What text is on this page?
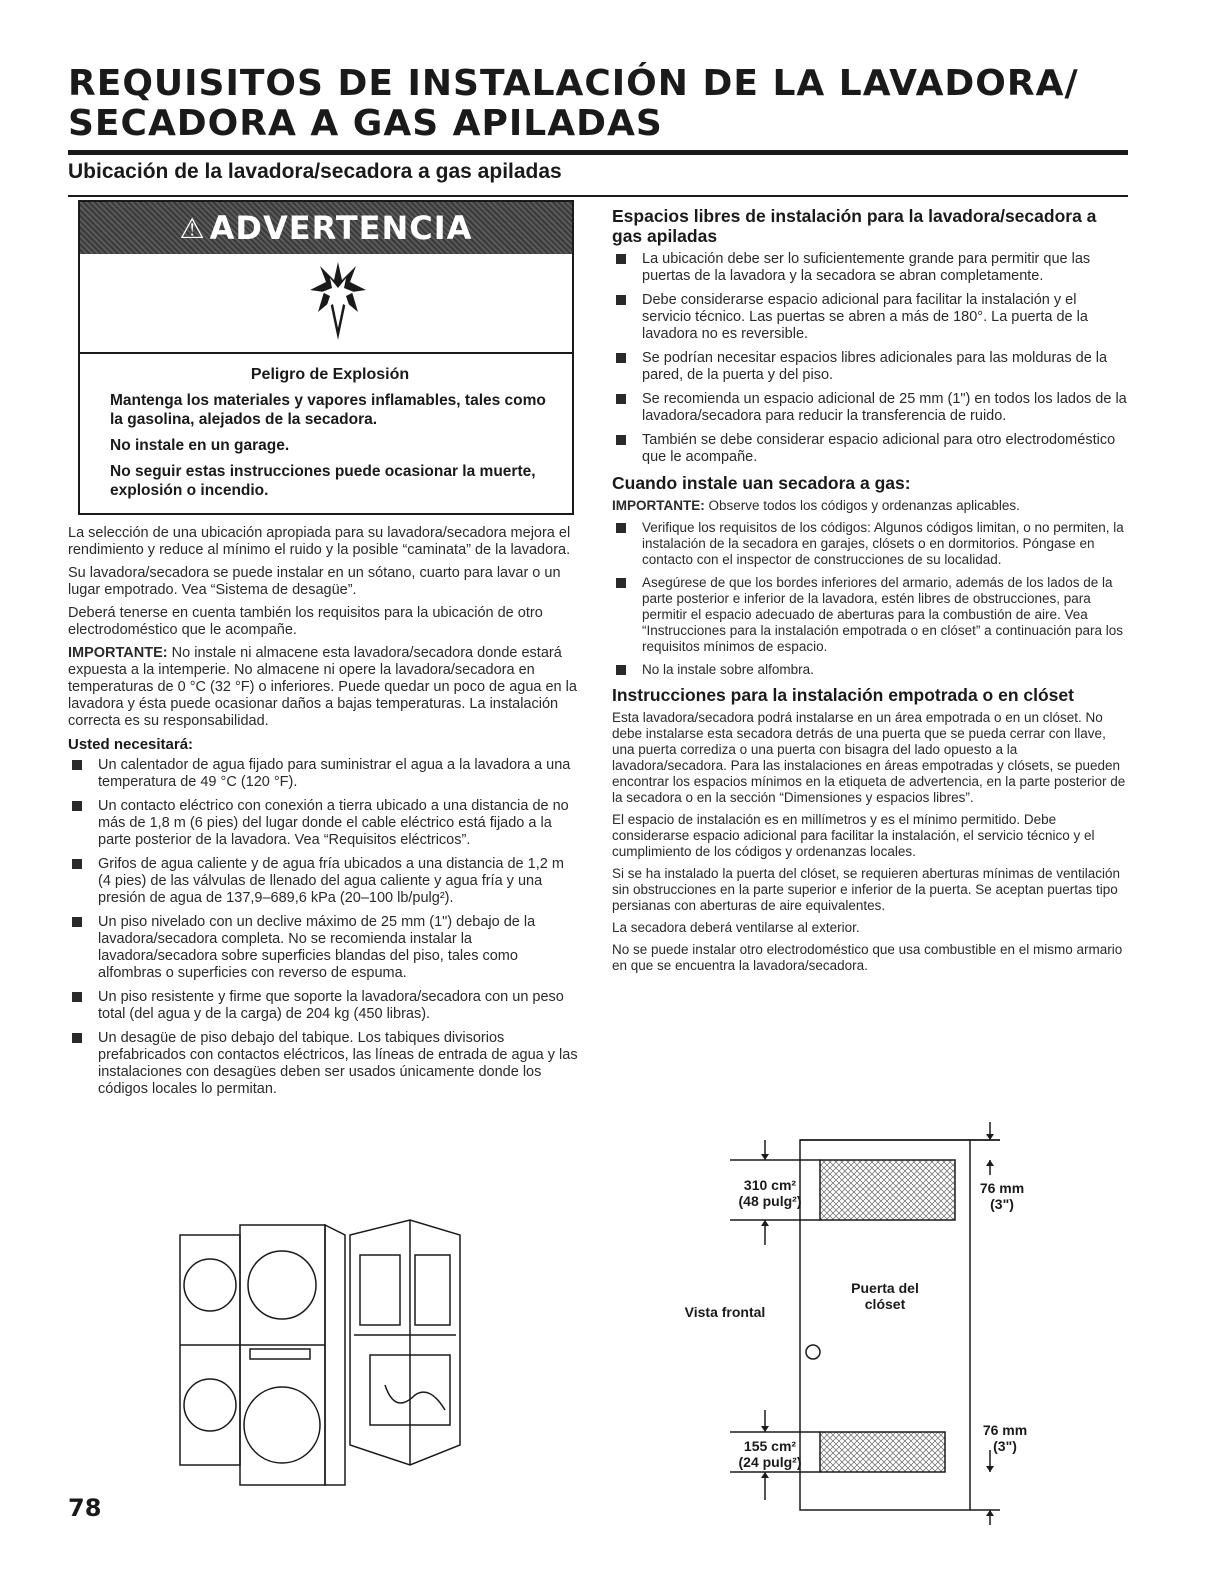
REQUISITOS DE INSTALACIÓN DE LA LAVADORA/
SECADORA A GAS APILADAS
Ubicación de la lavadora/secadora a gas apiladas
⚠ ADVERTENCIA

Peligro de Explosión

Mantenga los materiales y vapores inflamables, tales como la gasolina, alejados de la secadora.

No instale en un garage.

No seguir estas instrucciones puede ocasionar la muerte, explosión o incendio.

La selección de una ubicación apropiada para su lavadora/secadora mejora el rendimiento y reduce al mínimo el ruido y la posible “caminata” de la lavadora.

Su lavadora/secadora se puede instalar en un sótano, cuarto para lavar o un lugar empotrado. Vea “Sistema de desagüe”.

Deberá tenerse en cuenta también los requisitos para la ubicación de otro electrodoméstico que le acompañe.

IMPORTANTE: No instale ni almacene esta lavadora/secadora donde estará expuesta a la intemperie. No almacene ni opere la lavadora/secadora en temperaturas de 0 °C (32 °F) o inferiores. Puede quedar un poco de agua en la lavadora y ésta puede ocasionar daños a bajas temperaturas. La instalación correcta es su responsabilidad.

Usted necesitará:
Un calentador de agua fijado para suministrar el agua a la lavadora a una temperatura de 49 °C (120 °F).
Un contacto eléctrico con conexión a tierra ubicado a una distancia de no más de 1,8 m (6 pies) del lugar donde el cable eléctrico está fijado a la parte posterior de la lavadora. Vea “Requisitos eléctricos”.
Grifos de agua caliente y de agua fría ubicados a una distancia de 1,2 m (4 pies) de las válvulas de llenado del agua caliente y agua fría y una presión de agua de 137,9–689,6 kPa (20–100 lb/pulg²).
Un piso nivelado con un declive máximo de 25 mm (1") debajo de la lavadora/secadora completa. No se recomienda instalar la lavadora/secadora sobre superficies blandas del piso, tales como alfombras o superficies con reverso de espuma.
Un piso resistente y firme que soporte la lavadora/secadora con un peso total (del agua y de la carga) de 204 kg (450 libras).
Un desagüe de piso debajo del tabique. Los tabiques divisorios prefabricados con contactos eléctricos, las líneas de entrada de agua y las instalaciones con desagües deben ser usados únicamente donde los códigos locales lo permitan.
Espacios libres de instalación para la lavadora/secadora a gas apiladas
La ubicación debe ser lo suficientemente grande para permitir que las puertas de la lavadora y la secadora se abran completamente.
Debe considerarse espacio adicional para facilitar la instalación y el servicio técnico. Las puertas se abren a más de 180°. La puerta de la lavadora no es reversible.
Se podrían necesitar espacios libres adicionales para las molduras de la pared, de la puerta y del piso.
Se recomienda un espacio adicional de 25 mm (1") en todos los lados de la lavadora/secadora para reducir la transferencia de ruido.
También se debe considerar espacio adicional para otro electrodoméstico que le acompañe.
Cuando instale uan secadora a gas:

IMPORTANTE: Observe todos los códigos y ordenanzas aplicables.

Verifique los requisitos de los códigos: Algunos códigos limitan, o no permiten, la instalación de la secadora en garajes, clósets o en dormitorios. Póngase en contacto con el inspector de construcciones de su localidad.
Asegúrese de que los bordes inferiores del armario, además de los lados de la parte posterior e inferior de la lavadora, estén libres de obstrucciones, para permitir el espacio adecuado de aberturas para la combustión de aire. Vea “Instrucciones para la instalación empotrada o en clóset” a continuación para los requisitos mínimos de espacio.
No la instale sobre alfombra.
Instrucciones para la instalación empotrada o en clóset

Esta lavadora/secadora podrá instalarse en un área empotrada o en un clóset. No debe instalarse esta secadora detrás de una puerta que se pueda cerrar con llave, una puerta corrediza o una puerta con bisagra del lado opuesto a la lavadora/secadora. Para las instalaciones en áreas empotradas y clósets, se pueden encontrar los espacios mínimos en la etiqueta de advertencia, en la parte posterior de la secadora o en la sección “Dimensiones y espacios libres”.

El espacio de instalación es en millímetros y es el mínimo permitido. Debe considerarse espacio adicional para facilitar la instalación, el servicio técnico y el cumplimiento de los códigos y ordenanzas locales.

Si se ha instalado la puerta del clóset, se requieren aberturas mínimas de ventilación sin obstrucciones en la parte superior e inferior de la puerta. Se aceptan puertas tipo persianas con aberturas de aire equivalentes.

La secadora deberá ventilarse al exterior.

No se puede instalar otro electrodoméstico que usa combustible en el mismo armario en que se encuentra la lavadora/secadora.

310 cm²
(48 pulg²)
76 mm
(3")
Puerta del
clóset
Vista frontal
155 cm²
(24 pulg²)
76 mm
(3")
78
